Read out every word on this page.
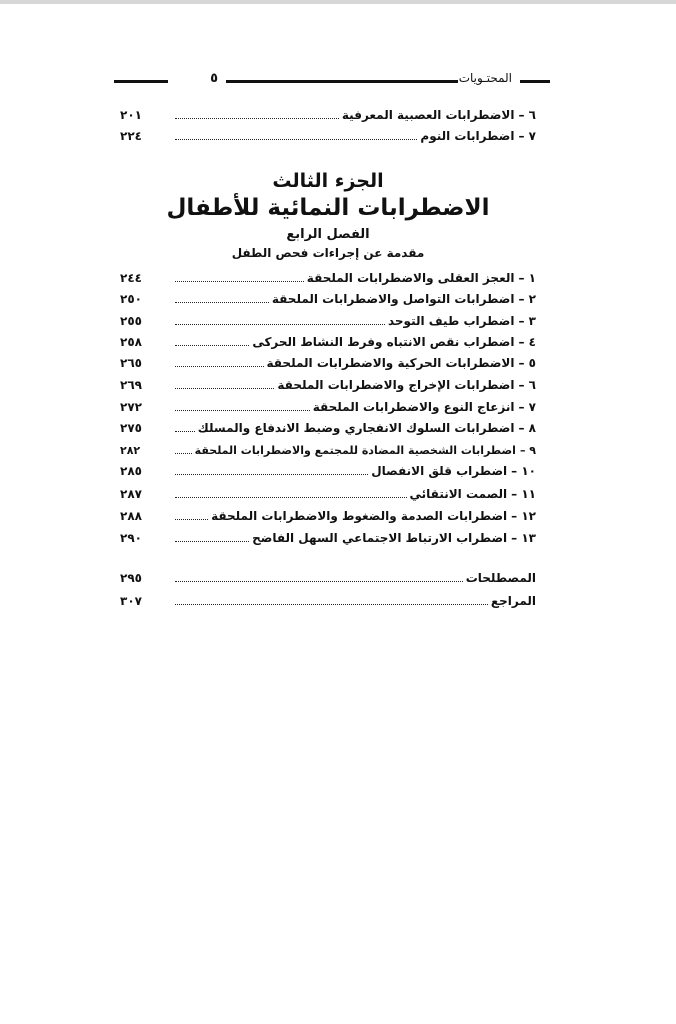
المحتـويات
٥
٦ –
الاضطرابات العصبية المعرفية
٢٠١
٧ –
اضطرابات النوم
٢٢٤
الجزء الثالث
الاضطرابات النمائية للأطفال
الفصل الرابع
مقدمة عن إجراءات فحص الطفل
١ –
العجز العقلى والاضطرابات الملحقة
٢٤٤
٢ –
اضطرابات التواصل والاضطرابات الملحقة
٢٥٠
٣ –
اضطراب طيف التوحد
٢٥٥
٤ –
اضطراب نقص الانتباه وفرط النشاط الحركى
٢٥٨
٥ –
الاضطرابات الحركية والاضطرابات الملحقة
٢٦٥
٦ –
اضطرابات الإخراج والاضطرابات الملحقة
٢٦٩
٧ –
انزعاج النوع والاضطرابات الملحقة
٢٧٢
٨ –
اضطرابات السلوك الانفجاري وضبط الاندفاع والمسلك
٢٧٥
٩ –
اضطرابات الشخصية المضادة للمجتمع والاضطرابات الملحقة
٢٨٢
١٠ –
اضطراب قلق الانفصال
٢٨٥
١١ –
الصمت الانتقائي
٢٨٧
١٢ –
اضطرابات الصدمة والضغوط والاضطرابات الملحقة
٢٨٨
١٣ –
اضطراب الارتباط الاجتماعي السهل الفاضح
٢٩٠
المصطلحات
٢٩٥
المراجع
٣٠٧
